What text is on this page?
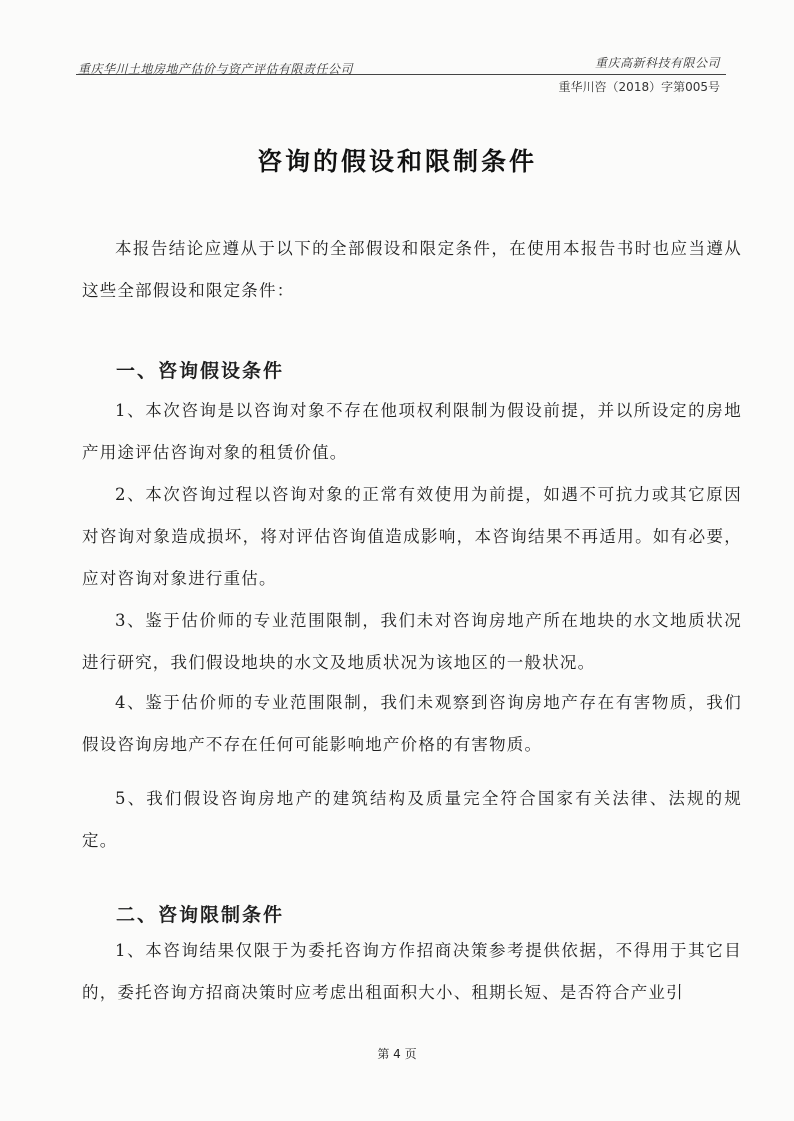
重庆华川土地房地产估价与资产评估有限责任公司	重庆高新科技有限公司
重华川咨（2018）字第005号
咨询的假设和限制条件

本报告结论应遵从于以下的全部假设和限定条件，在使用本报告书时也应当遵从这些全部假设和限定条件：

一、咨询假设条件

1、本次咨询是以咨询对象不存在他项权利限制为假设前提，并以所设定的房地产用途评估咨询对象的租赁价值。

2、本次咨询过程以咨询对象的正常有效使用为前提，如遇不可抗力或其它原因对咨询对象造成损坏，将对评估咨询值造成影响，本咨询结果不再适用。如有必要，应对咨询对象进行重估。

3、鉴于估价师的专业范围限制，我们未对咨询房地产所在地块的水文地质状况进行研究，我们假设地块的水文及地质状况为该地区的一般状况。

4、鉴于估价师的专业范围限制，我们未观察到咨询房地产存在有害物质，我们假设咨询房地产不存在任何可能影响地产价格的有害物质。

5、我们假设咨询房地产的建筑结构及质量完全符合国家有关法律、法规的规定。

二、咨询限制条件

1、本咨询结果仅限于为委托咨询方作招商决策参考提供依据，不得用于其它目的，委托咨询方招商决策时应考虑出租面积大小、租期长短、是否符合产业引

第 4 页
